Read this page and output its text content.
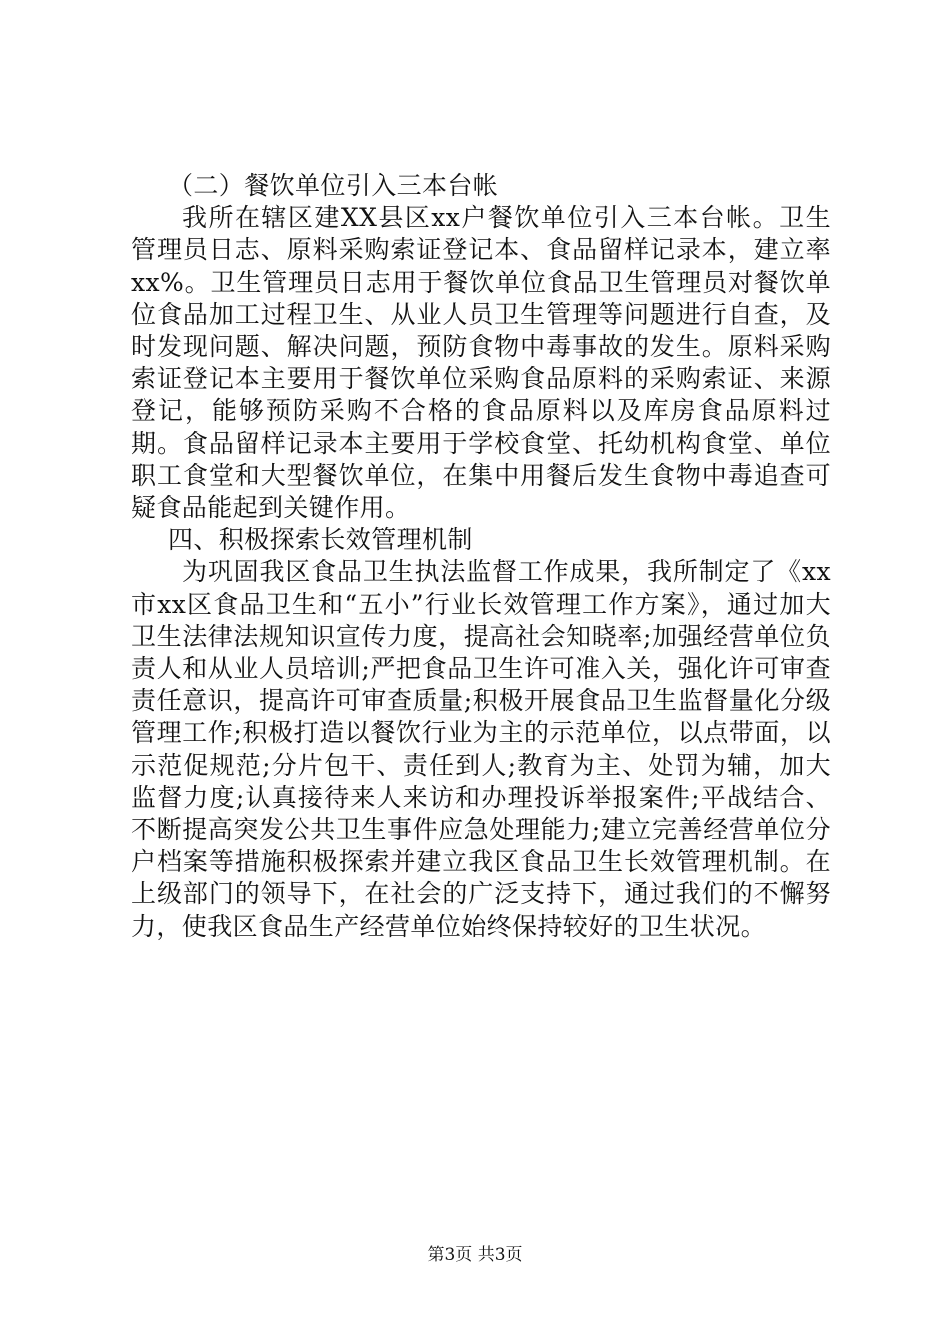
（二）餐饮单位引入三本台帐

我所在辖区建XX县区xx户餐饮单位引入三本台帐。卫生管理员日志、原料采购索证登记本、食品留样记录本，建立率xx%。卫生管理员日志用于餐饮单位食品卫生管理员对餐饮单位食品加工过程卫生、从业人员卫生管理等问题进行自查，及时发现问题、解决问题，预防食物中毒事故的发生。原料采购索证登记本主要用于餐饮单位采购食品原料的采购索证、来源登记，能够预防采购不合格的食品原料以及库房食品原料过期。食品留样记录本主要用于学校食堂、托幼机构食堂、单位职工食堂和大型餐饮单位，在集中用餐后发生食物中毒追查可疑食品能起到关键作用。

四、积极探索长效管理机制

为巩固我区食品卫生执法监督工作成果，我所制定了《xx市xx区食品卫生和“五小”行业长效管理工作方案》，通过加大卫生法律法规知识宣传力度，提高社会知晓率;加强经营单位负责人和从业人员培训;严把食品卫生许可准入关，强化许可审查责任意识，提高许可审查质量;积极开展食品卫生监督量化分级管理工作;积极打造以餐饮行业为主的示范单位，以点带面，以示范促规范;分片包干、责任到人;教育为主、处罚为辅，加大监督力度;认真接待来人来访和办理投诉举报案件;平战结合、不断提高突发公共卫生事件应急处理能力;建立完善经营单位分户档案等措施积极探索并建立我区食品卫生长效管理机制。在上级部门的领导下，在社会的广泛支持下，通过我们的不懈努力，使我区食品生产经营单位始终保持较好的卫生状况。

第3页 共3页
